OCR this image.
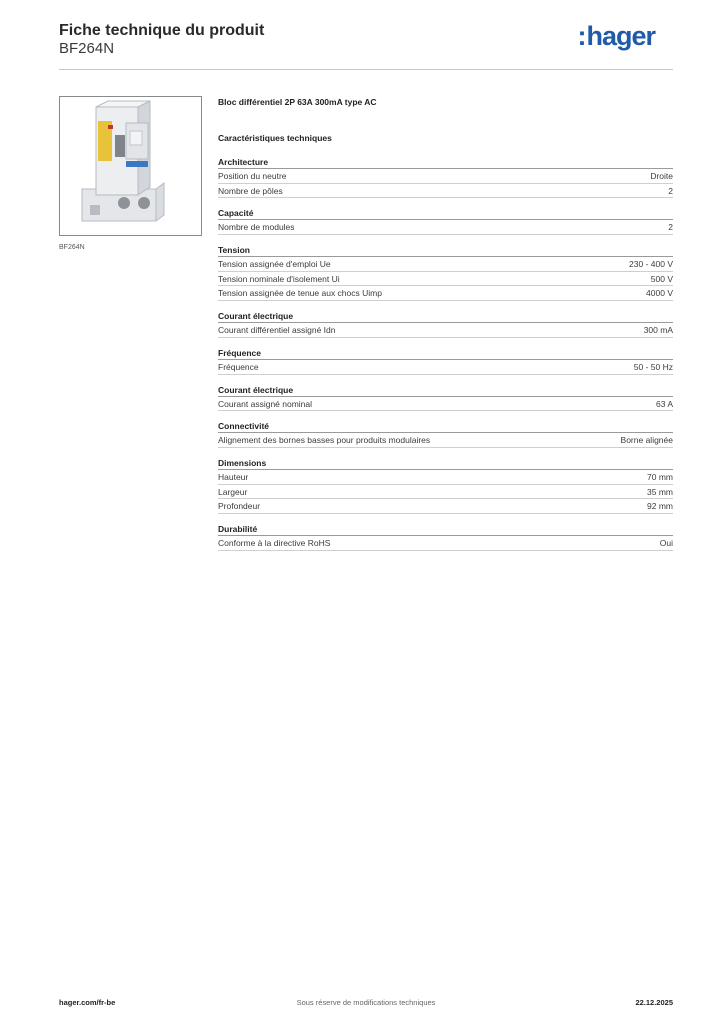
Fiche technique du produit
BF264N	:hager
BF264N
Bloc différentiel 2P 63A 300mA type AC
Caractéristiques techniques
Architecture
Position du neutre	Droite
Nombre de pôles	2
Capacité
Nombre de modules	2
Tension
Tension assignée d'emploi Ue	230 - 400 V
Tension nominale d'isolement Ui	500 V
Tension assignée de tenue aux chocs Uimp	4000 V
Courant électrique
Courant différentiel assigné Idn	300 mA
Fréquence
Fréquence	50 - 50 Hz
Courant électrique
Courant assigné nominal	63 A
Connectivité
Alignement des bornes basses pour produits modulaires	Borne alignée
Dimensions
Hauteur	70 mm
Largeur	35 mm
Profondeur	92 mm
Durabilité
Conforme à la directive RoHS	Oui
hager.com/fr-be	Sous réserve de modifications techniques	22.12.2025
